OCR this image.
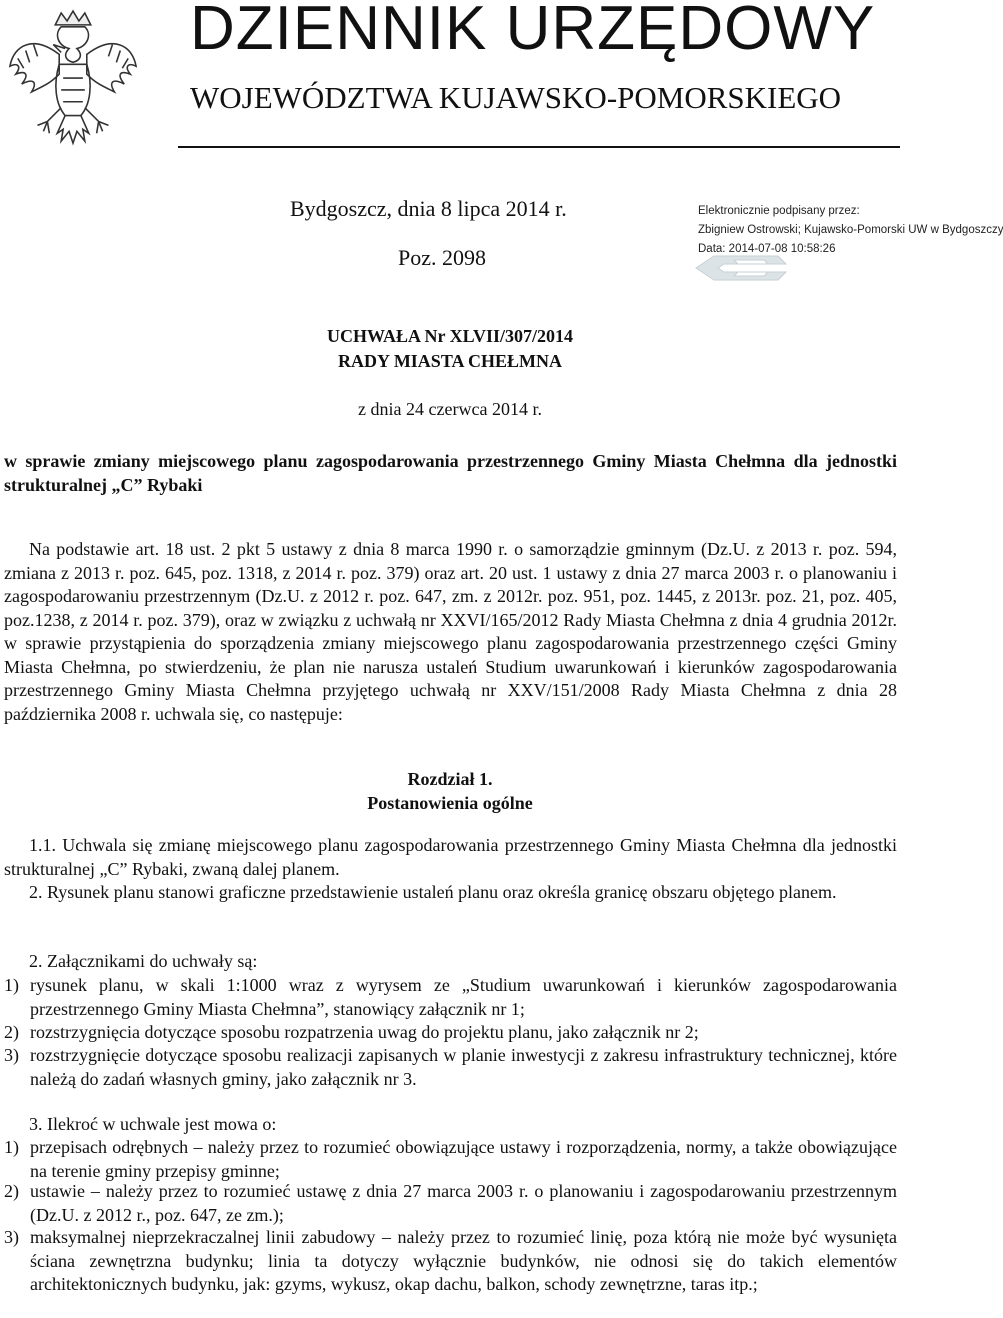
DZIENNIK URZĘDOWY
WOJEWÓDZTWA KUJAWSKO-POMORSKIEGO
Bydgoszcz, dnia 8 lipca 2014 r.
Poz. 2098
Elektronicznie podpisany przez:
Zbigniew Ostrowski; Kujawsko-Pomorski UW w Bydgoszczy
Data: 2014-07-08 10:58:26
UCHWAŁA Nr XLVII/307/2014
RADY MIASTA CHEŁMNA
z dnia 24 czerwca 2014 r.
w sprawie zmiany miejscowego planu zagospodarowania przestrzennego Gminy Miasta Chełmna dla jednostki strukturalnej „C” Rybaki
Na podstawie art. 18 ust. 2 pkt 5 ustawy z dnia 8 marca 1990 r. o samorządzie gminnym (Dz.U. z 2013 r. poz. 594, zmiana z 2013 r. poz. 645, poz. 1318, z 2014 r. poz. 379) oraz art. 20 ust. 1 ustawy z dnia 27 marca 2003 r. o planowaniu i zagospodarowaniu przestrzennym (Dz.U. z 2012 r. poz. 647, zm. z 2012r. poz. 951, poz. 1445, z 2013r. poz. 21, poz. 405, poz.1238, z 2014 r. poz. 379), oraz w związku z uchwałą nr XXVI/165/2012 Rady Miasta Chełmna z dnia 4 grudnia 2012r. w sprawie przystąpienia do sporządzenia zmiany miejscowego planu zagospodarowania przestrzennego części Gminy Miasta Chełmna, po stwierdzeniu, że plan nie narusza ustaleń Studium uwarunkowań i kierunków zagospodarowania przestrzennego Gminy Miasta Chełmna przyjętego uchwałą nr XXV/151/2008 Rady Miasta Chełmna z dnia 28 października 2008 r. uchwala się, co następuje:
Rozdział 1.
Postanowienia ogólne
1.1. Uchwala się zmianę miejscowego planu zagospodarowania przestrzennego Gminy Miasta Chełmna dla jednostki strukturalnej „C” Rybaki, zwaną dalej planem.
2. Rysunek planu stanowi graficzne przedstawienie ustaleń planu oraz określa granicę obszaru objętego planem.
2. Załącznikami do uchwały są:
1) rysunek planu, w skali 1:1000 wraz z wyrysem ze „Studium uwarunkowań i kierunków zagospodarowania przestrzennego Gminy Miasta Chełmna”, stanowiący załącznik nr 1;
2) rozstrzygnięcia dotyczące sposobu rozpatrzenia uwag do projektu planu, jako załącznik nr 2;
3) rozstrzygnięcie dotyczące sposobu realizacji zapisanych w planie inwestycji z zakresu infrastruktury technicznej, które należą do zadań własnych gminy, jako załącznik nr 3.
3. Ilekroć w uchwale jest mowa o:
1) przepisach odrębnych – należy przez to rozumieć obowiązujące ustawy i rozporządzenia, normy, a także obowiązujące na terenie gminy przepisy gminne;
2) ustawie – należy przez to rozumieć ustawę z dnia 27 marca 2003 r. o planowaniu i zagospodarowaniu przestrzennym (Dz.U. z 2012 r., poz. 647, ze zm.);
3) maksymalnej nieprzekraczalnej linii zabudowy – należy przez to rozumieć linię, poza którą nie może być wysunięta ściana zewnętrzna budynku; linia ta dotyczy wyłącznie budynków, nie odnosi się do takich elementów architektonicznych budynku, jak: gzyms, wykusz, okap dachu, balkon, schody zewnętrzne, taras itp.;
